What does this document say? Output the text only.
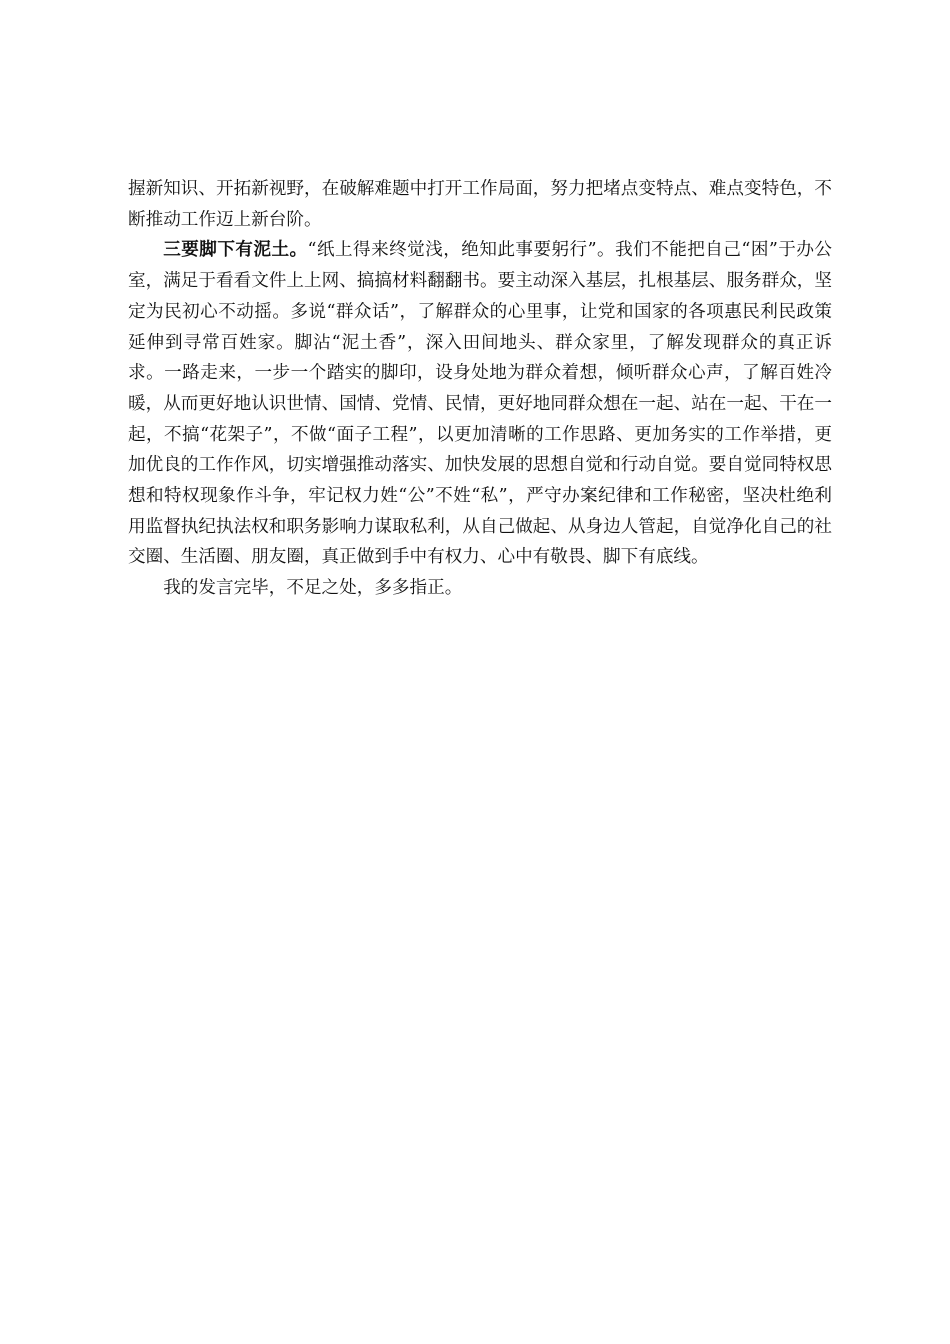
握新知识、开拓新视野，在破解难题中打开工作局面，努力把堵点变特点、难点变特色，不断推动工作迈上新台阶。

三要脚下有泥土。“纸上得来终觉浅，绝知此事要躬行”。我们不能把自己“困”于办公室，满足于看看文件上上网、搞搞材料翻翻书。要主动深入基层，扎根基层、服务群众，坚定为民初心不动摇。多说“群众话”，了解群众的心里事，让党和国家的各项惠民利民政策延伸到寻常百姓家。脚沾“泥土香”，深入田间地头、群众家里，了解发现群众的真正诉求。一路走来，一步一个踏实的脚印，设身处地为群众着想，倾听群众心声，了解百姓冷暖，从而更好地认识世情、国情、党情、民情，更好地同群众想在一起、站在一起、干在一起，不搞“花架子”，不做“面子工程”，以更加清晰的工作思路、更加务实的工作举措，更加优良的工作作风，切实增强推动落实、加快发展的思想自觉和行动自觉。要自觉同特权思想和特权现象作斗争，牢记权力姓“公”不姓“私”，严守办案纪律和工作秘密，坚决杜绝利用监督执纪执法权和职务影响力谋取私利，从自己做起、从身边人管起，自觉净化自己的社交圈、生活圈、朋友圈，真正做到手中有权力、心中有敬畏、脚下有底线。

我的发言完毕，不足之处，多多指正。
